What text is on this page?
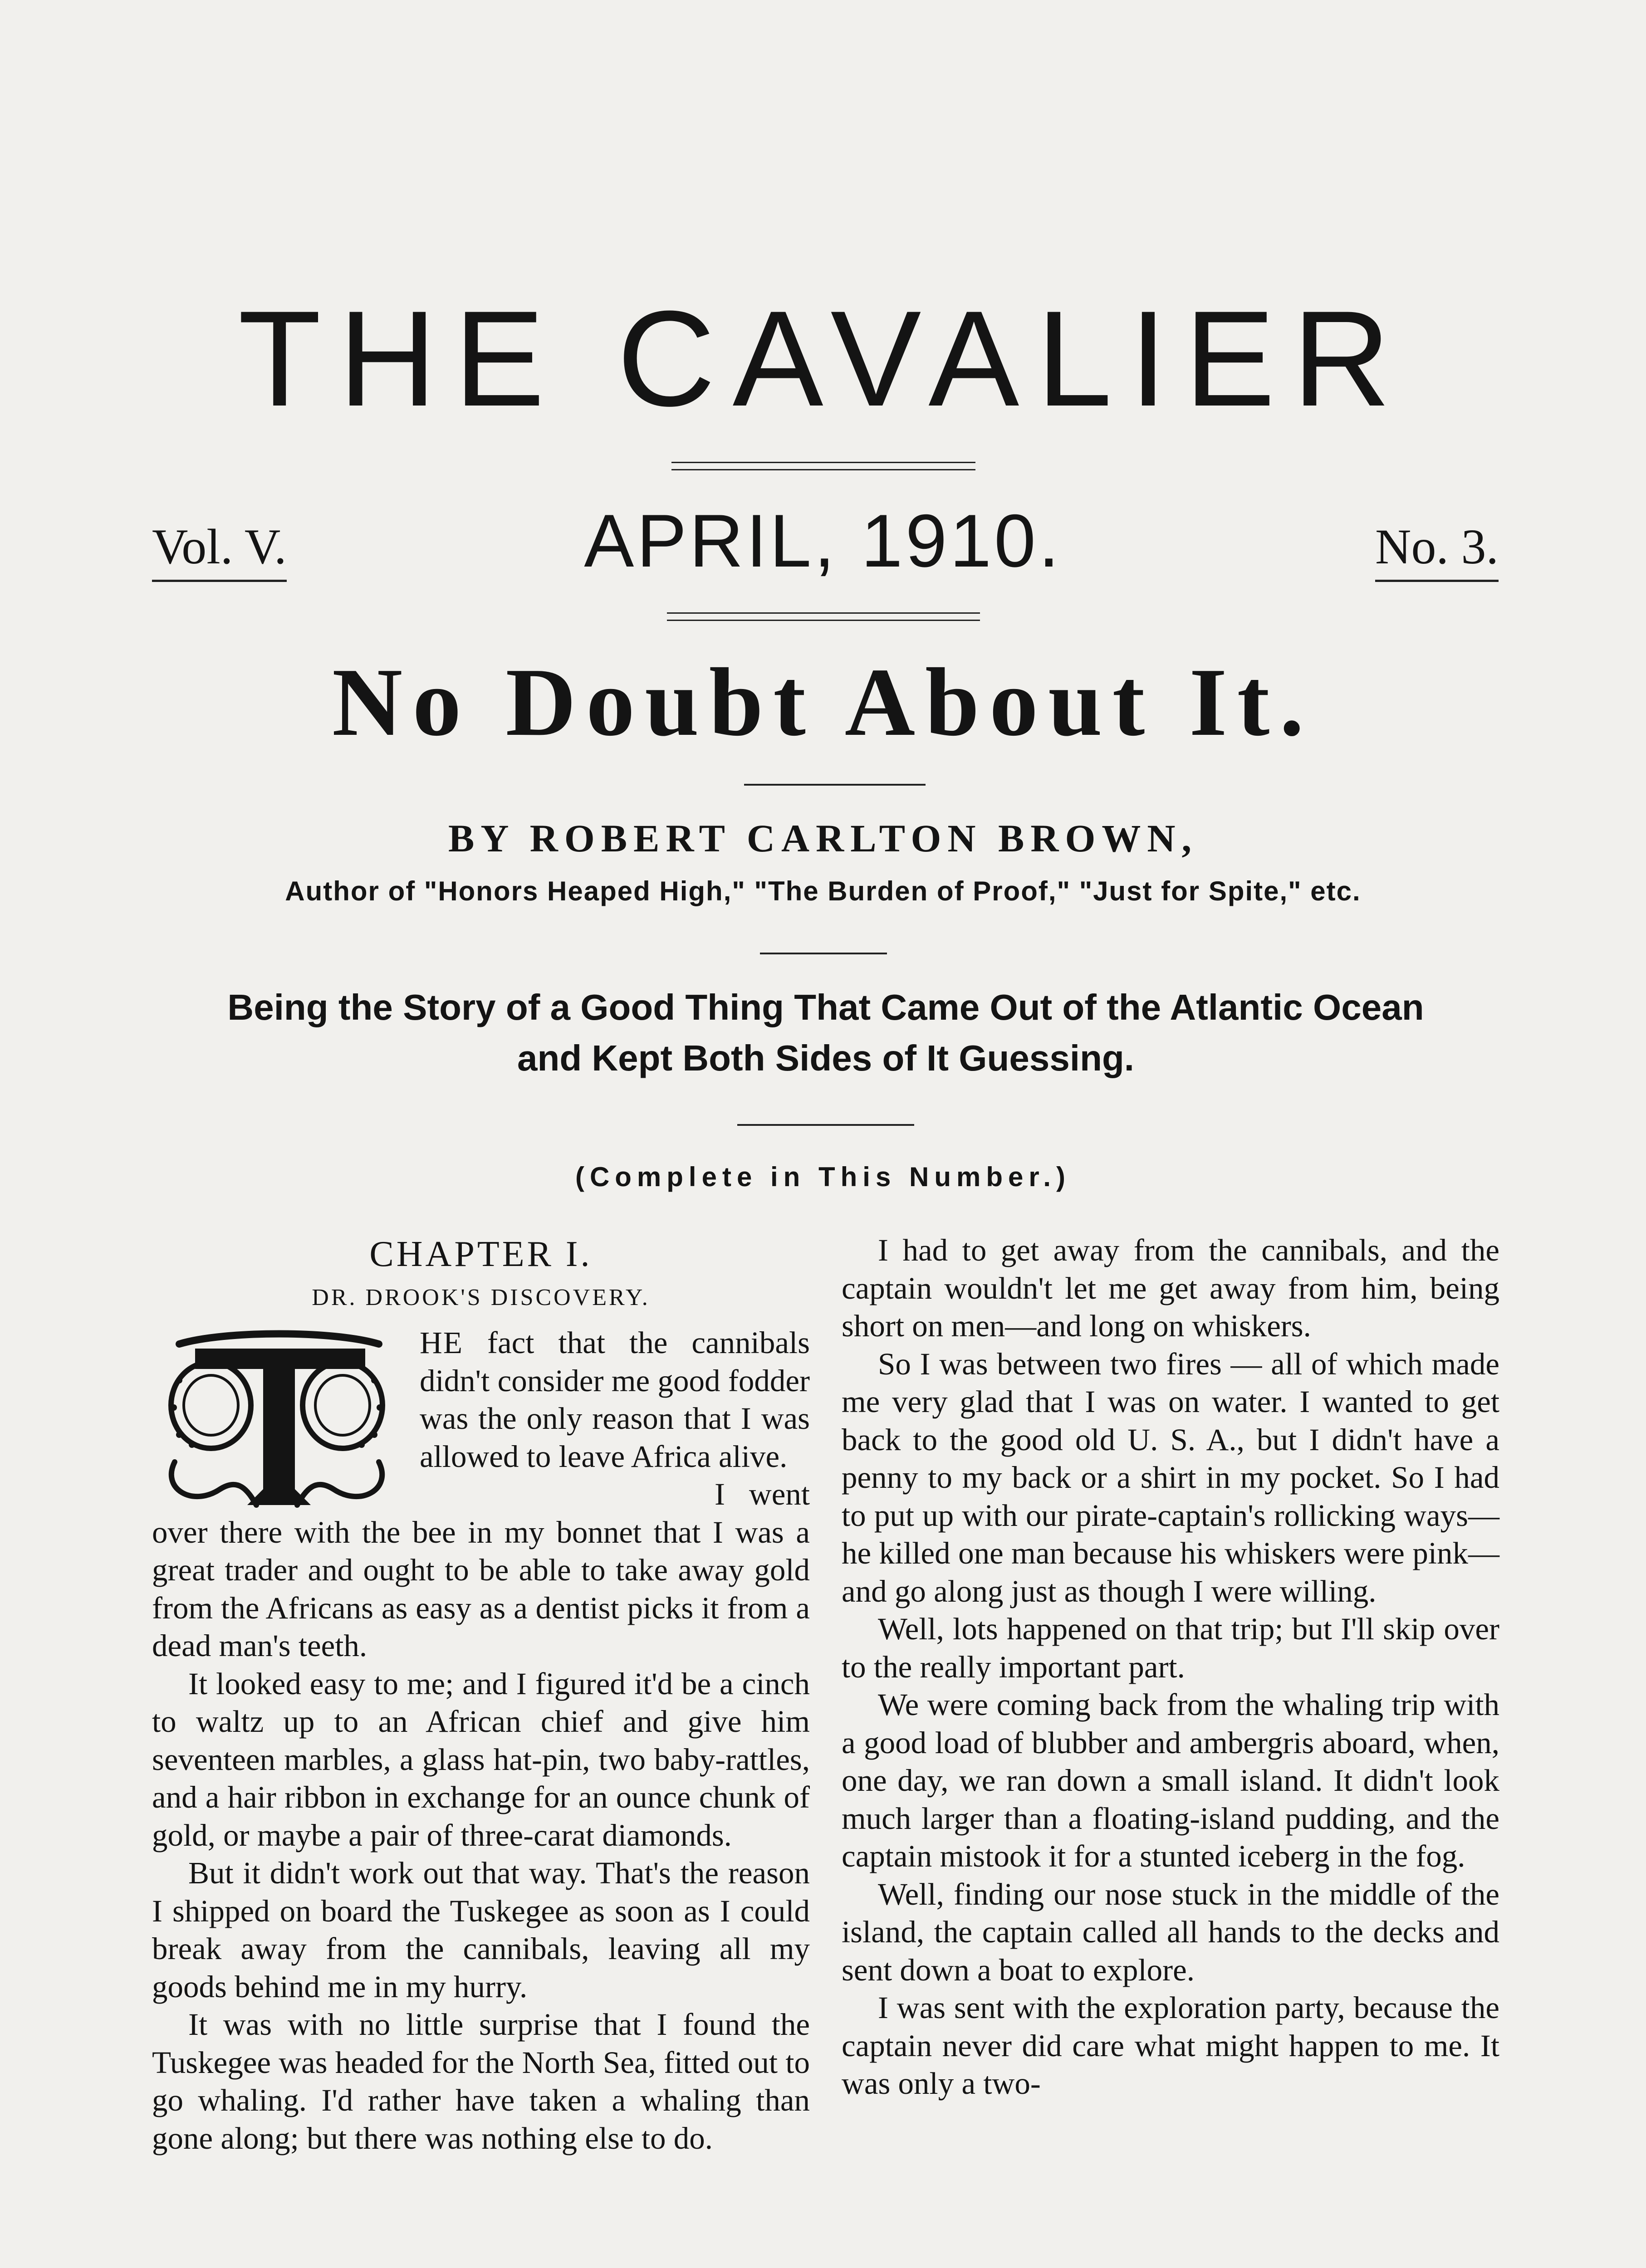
THE CAVALIER
Vol. V.	APRIL, 1910.	No. 3.
No Doubt About It.
BY ROBERT CARLTON BROWN,
Author of "Honors Heaped High," "The Burden of Proof," "Just for Spite," etc.
Being the Story of a Good Thing That Came Out of the Atlantic Ocean
and Kept Both Sides of It Guessing.
(Complete in This Number.)
CHAPTER I.
DR. DROOK'S DISCOVERY.
T

HE fact that the cannibals didn't consider me good fodder was the only reason that I was allowed to leave Africa alive.

I went over there with the bee in my bonnet that I was a great trader and ought to be able to take away gold from the Africans as easy as a dentist picks it from a dead man's teeth.

It looked easy to me; and I figured it'd be a cinch to waltz up to an African chief and give him seventeen marbles, a glass hat-pin, two baby-rattles, and a hair ribbon in exchange for an ounce chunk of gold, or maybe a pair of three-carat diamonds.

But it didn't work out that way. That's the reason I shipped on board the Tuskegee as soon as I could break away from the cannibals, leaving all my goods behind me in my hurry.

It was with no little surprise that I found the Tuskegee was headed for the North Sea, fitted out to go whaling. I'd rather have taken a whaling than gone along; but there was nothing else to do.

I had to get away from the cannibals, and the captain wouldn't let me get away from him, being short on men—and long on whiskers.

So I was between two fires — all of which made me very glad that I was on water. I wanted to get back to the good old U. S. A., but I didn't have a penny to my back or a shirt in my pocket. So I had to put up with our pirate-captain's rollicking ways—he killed one man because his whiskers were pink—and go along just as though I were willing.

Well, lots happened on that trip; but I'll skip over to the really important part.

We were coming back from the whaling trip with a good load of blubber and ambergris aboard, when, one day, we ran down a small island. It didn't look much larger than a floating-island pudding, and the captain mistook it for a stunted iceberg in the fog.

Well, finding our nose stuck in the middle of the island, the captain called all hands to the decks and sent down a boat to explore.

I was sent with the exploration party, because the captain never did care what might happen to me. It was only a two-
